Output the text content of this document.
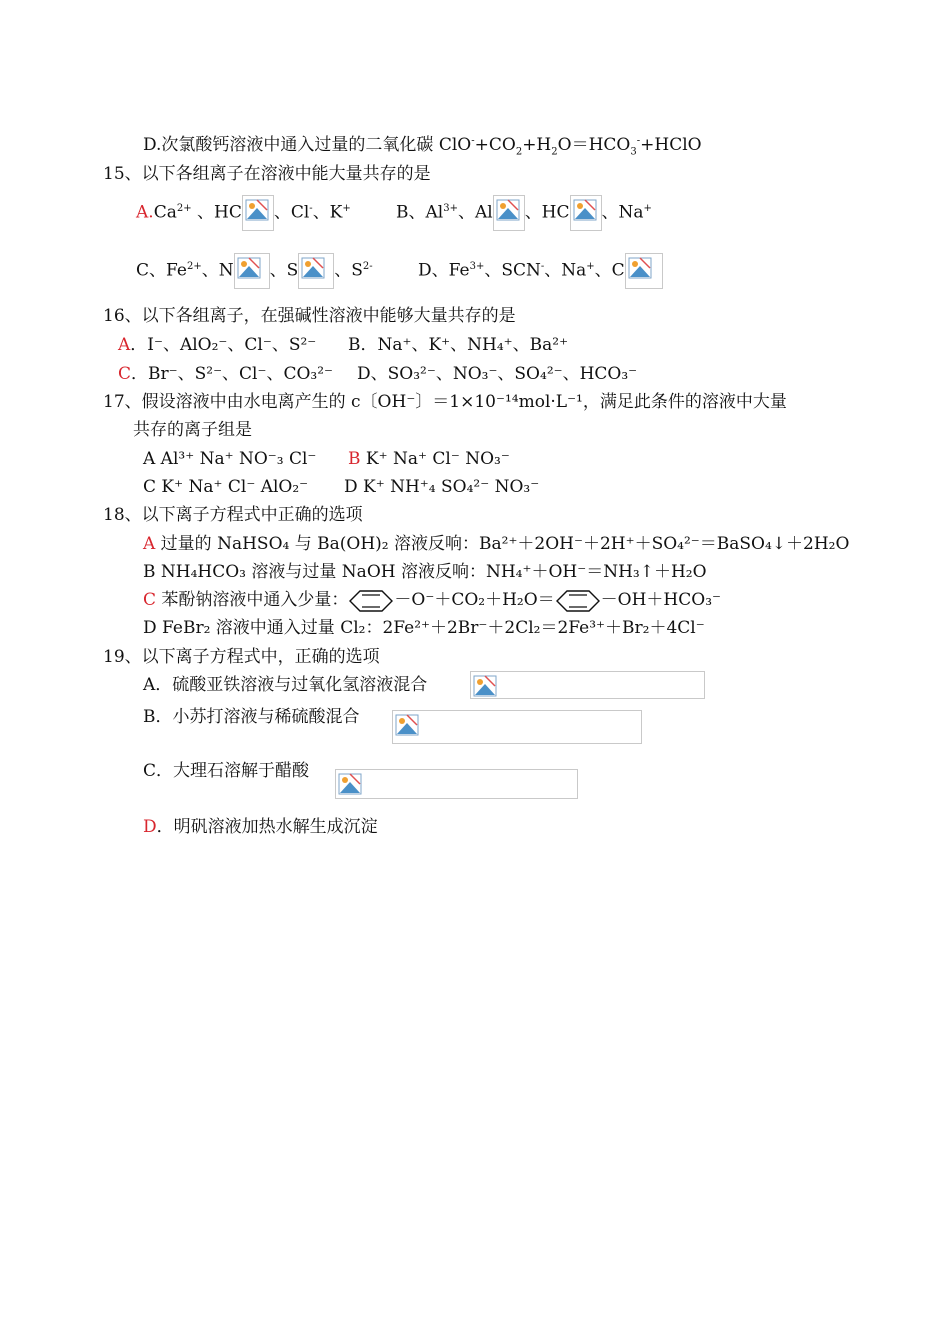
D.次氯酸钙溶液中通入过量的二氧化碳 $ClO^-+CO_2+H_2O=HCO_3^-+HClO$
15、以下各组离子在溶液中能大量共存的是
$A.Ca^{2+}$ 、HC 、Cl-、K+	B、$Al^{3+}$、Al 、HC 、Na+
C、$Fe^{2+}$、N 、S 、$S^{2-}$	D、$Fe^{3+}$、SCN-、Na+、C
16、以下各组离子，在强碱性溶液中能够大量共存的是
A．I⁻、AlO₂⁻、Cl⁻、S²⁻ B．Na⁺、K⁺、NH₄⁺、Ba²⁺
C．Br⁻、S²⁻、Cl⁻、CO₃²⁻ D、SO₃²⁻、NO₃⁻、SO₄²⁻、HCO₃⁻
17、假设溶液中由水电离产生的 c〔OH⁻〕＝1×10⁻¹⁴mol·L⁻¹，满足此条件的溶液中大量
共存的离子组是
A Al³⁺ Na⁺ NO⁻₃ Cl⁻ B K⁺ Na⁺ Cl⁻ NO₃⁻
C K⁺ Na⁺ Cl⁻ AlO₂⁻ D K⁺ NH⁺₄ SO₄²⁻ NO₃⁻
18、以下离子方程式中正确的选项
A 过量的 NaHSO₄ 与 Ba(OH)₂ 溶液反响：Ba²⁺＋2OH⁻＋2H⁺＋SO₄²⁻＝BaSO₄↓＋2H₂O
B NH₄HCO₃ 溶液与过量 NaOH 溶液反响：NH₄⁺＋OH⁻＝NH₃↑＋H₂O
C 苯酚钠溶液中通入少量：	－O⁻＋CO₂＋H₂O＝	－OH＋HCO₃⁻
D FeBr₂ 溶液中通入过量 Cl₂：2Fe²⁺＋2Br⁻＋2Cl₂＝2Fe³⁺＋Br₂＋4Cl⁻
19、以下离子方程式中，正确的选项
A．硫酸亚铁溶液与过氧化氢溶液混合
B．小苏打溶液与稀硫酸混合
C．大理石溶解于醋酸
D．明矾溶液加热水解生成沉淀
